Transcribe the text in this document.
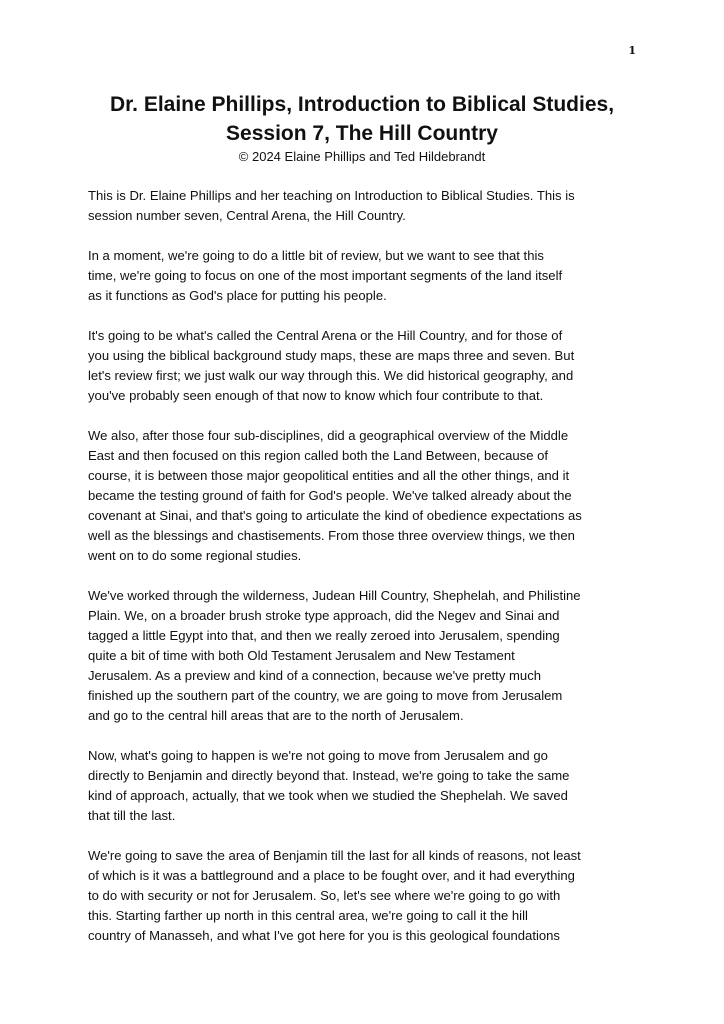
1
Dr. Elaine Phillips, Introduction to Biblical Studies,
Session 7, The Hill Country
© 2024 Elaine Phillips and Ted Hildebrandt

This is Dr. Elaine Phillips and her teaching on Introduction to Biblical Studies. This is
session number seven, Central Arena, the Hill Country.

In a moment, we're going to do a little bit of review, but we want to see that this
time, we're going to focus on one of the most important segments of the land itself
as it functions as God's place for putting his people.

It's going to be what's called the Central Arena or the Hill Country, and for those of
you using the biblical background study maps, these are maps three and seven. But
let's review first; we just walk our way through this. We did historical geography, and
you've probably seen enough of that now to know which four contribute to that.

We also, after those four sub-disciplines, did a geographical overview of the Middle
East and then focused on this region called both the Land Between, because of
course, it is between those major geopolitical entities and all the other things, and it
became the testing ground of faith for God's people. We've talked already about the
covenant at Sinai, and that's going to articulate the kind of obedience expectations as
well as the blessings and chastisements. From those three overview things, we then
went on to do some regional studies.

We've worked through the wilderness, Judean Hill Country, Shephelah, and Philistine
Plain. We, on a broader brush stroke type approach, did the Negev and Sinai and
tagged a little Egypt into that, and then we really zeroed into Jerusalem, spending
quite a bit of time with both Old Testament Jerusalem and New Testament
Jerusalem. As a preview and kind of a connection, because we've pretty much
finished up the southern part of the country, we are going to move from Jerusalem
and go to the central hill areas that are to the north of Jerusalem.

Now, what's going to happen is we're not going to move from Jerusalem and go
directly to Benjamin and directly beyond that. Instead, we're going to take the same
kind of approach, actually, that we took when we studied the Shephelah. We saved
that till the last.

We're going to save the area of Benjamin till the last for all kinds of reasons, not least
of which is it was a battleground and a place to be fought over, and it had everything
to do with security or not for Jerusalem. So, let's see where we're going to go with
this. Starting farther up north in this central area, we're going to call it the hill
country of Manasseh, and what I've got here for you is this geological foundations
